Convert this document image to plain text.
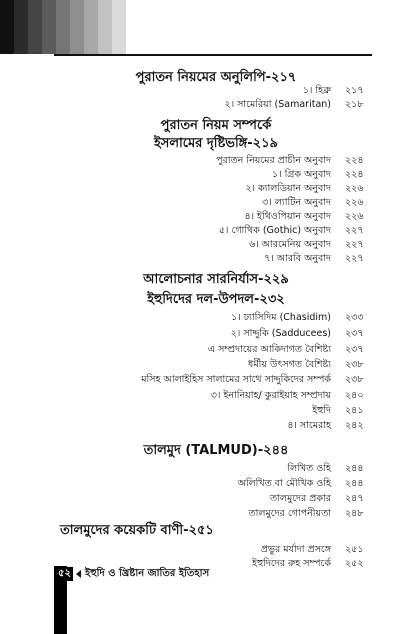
পুরাতন নিয়মের অনুলিপি-২১৭
১। হিব্রু	২১৭
২। সামেরিয়া (Samaritan)	২১৮
পুরাতন নিয়ম সম্পর্কে
ইসলামের দৃষ্টিভঙ্গি-২১৯
পুরাতন নিয়মের প্রাচীন অনুবাদ	২২৪
১। গ্রিক অনুবাদ	২২৪
২। ক্যালডিয়ান অনুবাদ	২২৬
৩। ল্যাটিন অনুবাদ	২২৬
৪। ইথিওপিয়ান অনুবাদ	২২৬
৫। গোথিক (Gothic) অনুবাদ	২২৭
৬। আরমেনিয় অনুবাদ	২২৭
৭। আরবি অনুবাদ	২২৭
আলোচনার সারনির্যাস-২২৯
ইহুদিদের দল-উপদল-২৩২
১। ঢ্যাসিদিম (Chasidim)	২৩৩
২। সাদ্দুকি (Sadducees)	২৩৭
এ সম্প্রদায়ের আকিদাগত বৈশিষ্ট্য	২৩৭
ধর্মীয় উৎসগত বৈশিষ্ট্য	২৩৮
মসিহ আলাইহিস সালামের সাথে সাদ্দুকিদের সম্পর্ক	২৩৮
৩। ইনানিয়াহ/ কুরাইয়াহ সম্প্রদায়	২৪০
ইহুদি	২৪১
৪। সামেরাহ	২৪২
তালমুদ (TALMUD)-২৪৪
লিখিত ওহি	২৪৪
অলিখিত বা মৌখিক ওহি	২৪৪
তালমুদের প্রকার	২৪৭
তালমুদের গোপনীয়তা	২৪৮
তালমুদের কয়েকটি বাণী-২৫১
প্রভুর মর্যাদা প্রসঙ্গে	২৫১
ইহুদিদের রুহ সম্পর্কে	২৫২
৫২ ইহুদি ও খ্রিষ্টান জাতির ইতিহাস
